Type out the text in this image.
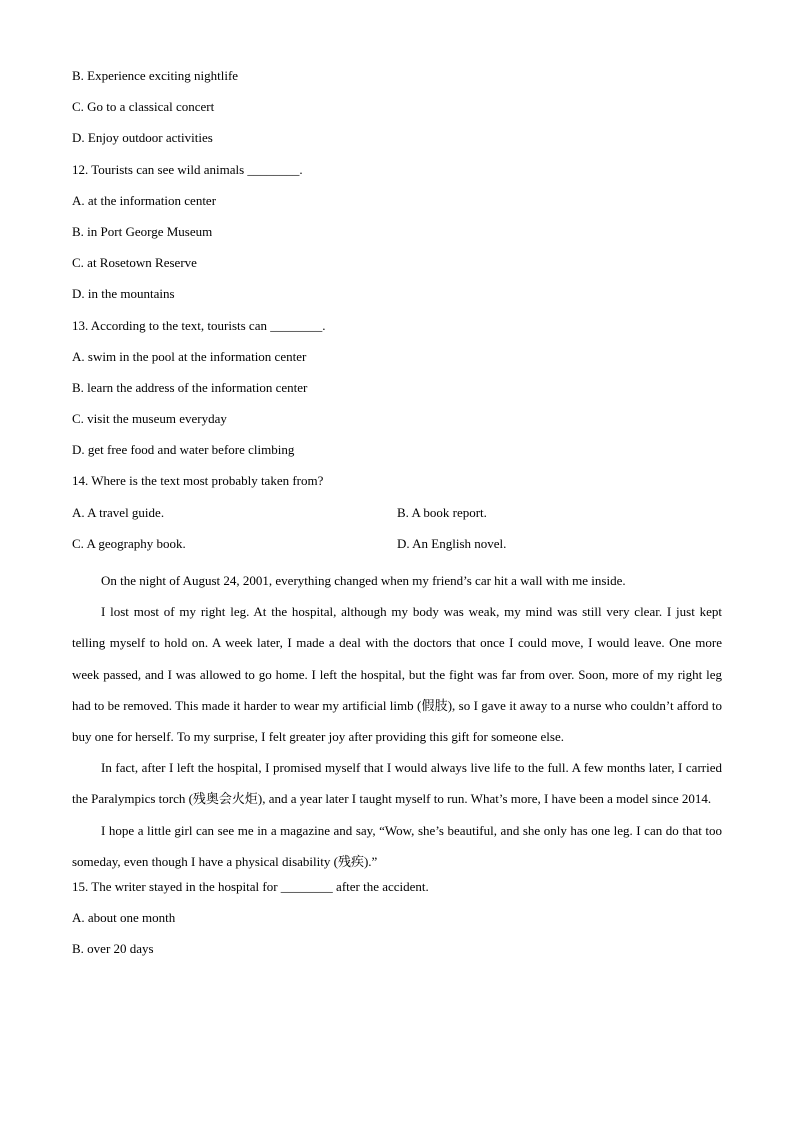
B. Experience exciting nightlife
C. Go to a classical concert
D. Enjoy outdoor activities
12. Tourists can see wild animals ________.
A. at the information center
B. in Port George Museum
C. at Rosetown Reserve
D. in the mountains
13. According to the text, tourists can ________.
A. swim in the pool at the information center
B. learn the address of the information center
C. visit the museum everyday
D. get free food and water before climbing
14. Where is the text most probably taken from?
A. A travel guide.	B. A book report.
C. A geography book.	D. An English novel.
On the night of August 24, 2001, everything changed when my friend’s car hit a wall with me inside.
I lost most of my right leg. At the hospital, although my body was weak, my mind was still very clear. I just kept telling myself to hold on. A week later, I made a deal with the doctors that once I could move, I would leave. One more week passed, and I was allowed to go home. I left the hospital, but the fight was far from over. Soon, more of my right leg had to be removed. This made it harder to wear my artificial limb (假肢), so I gave it away to a nurse who couldn’t afford to buy one for herself. To my surprise, I felt greater joy after providing this gift for someone else.
In fact, after I left the hospital, I promised myself that I would always live life to the full. A few months later, I carried the Paralympics torch (残奥会火炬), and a year later I taught myself to run. What’s more, I have been a model since 2014.
I hope a little girl can see me in a magazine and say, “Wow, she’s beautiful, and she only has one leg. I can do that too someday, even though I have a physical disability (残疾).”
15. The writer stayed in the hospital for ________ after the accident.
A. about one month
B. over 20 days
